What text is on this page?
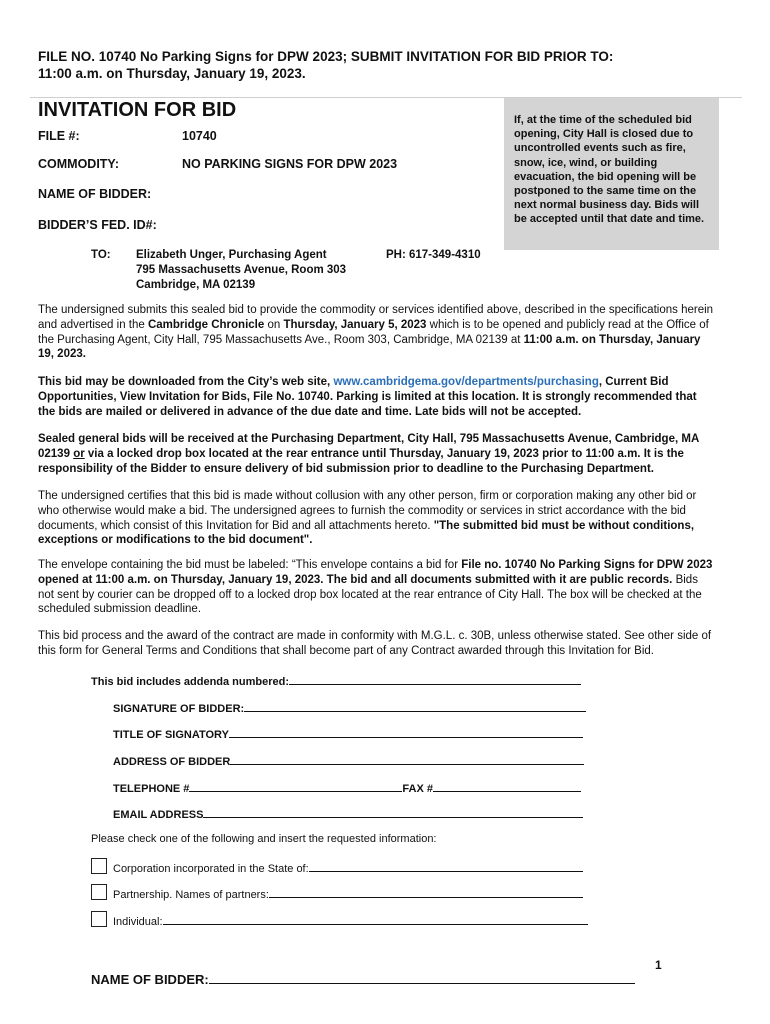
FILE NO. 10740 No Parking Signs for DPW 2023; SUBMIT INVITATION FOR BID PRIOR TO:
11:00 a.m. on Thursday, January 19, 2023.
INVITATION FOR BID
FILE #:	10740
COMMODITY:	NO PARKING SIGNS FOR DPW 2023
NAME OF BIDDER:
BIDDER’S FED. ID#:
If, at the time of the scheduled bid opening, City Hall is closed due to uncontrolled events such as fire, snow, ice, wind, or building evacuation, the bid opening will be postponed to the same time on the next normal business day. Bids will be accepted until that date and time.
TO: Elizabeth Unger, Purchasing Agent
795 Massachusetts Avenue, Room 303
Cambridge, MA 02139
PH: 617-349-4310
The undersigned submits this sealed bid to provide the commodity or services identified above, described in the specifications herein and advertised in the Cambridge Chronicle on Thursday, January 5, 2023 which is to be opened and publicly read at the Office of the Purchasing Agent, City Hall, 795 Massachusetts Ave., Room 303, Cambridge, MA 02139 at 11:00 a.m. on Thursday, January 19, 2023.
This bid may be downloaded from the City’s web site, www.cambridgema.gov/departments/purchasing, Current Bid Opportunities, View Invitation for Bids, File No. 10740. Parking is limited at this location. It is strongly recommended that the bids are mailed or delivered in advance of the due date and time. Late bids will not be accepted.
Sealed general bids will be received at the Purchasing Department, City Hall, 795 Massachusetts Avenue, Cambridge, MA 02139 or via a locked drop box located at the rear entrance until Thursday, January 19, 2023 prior to 11:00 a.m. It is the responsibility of the Bidder to ensure delivery of bid submission prior to deadline to the Purchasing Department.
The undersigned certifies that this bid is made without collusion with any other person, firm or corporation making any other bid or who otherwise would make a bid. The undersigned agrees to furnish the commodity or services in strict accordance with the bid documents, which consist of this Invitation for Bid and all attachments hereto. "The submitted bid must be without conditions, exceptions or modifications to the bid document".
The envelope containing the bid must be labeled: “This envelope contains a bid for File no. 10740 No Parking Signs for DPW 2023 opened at 11:00 a.m. on Thursday, January 19, 2023. The bid and all documents submitted with it are public records. Bids not sent by courier can be dropped off to a locked drop box located at the rear entrance of City Hall. The box will be checked at the scheduled submission deadline.
This bid process and the award of the contract are made in conformity with M.G.L. c. 30B, unless otherwise stated. See other side of this form for General Terms and Conditions that shall become part of any Contract awarded through this Invitation for Bid.
This bid includes addenda numbered:
SIGNATURE OF BIDDER:
TITLE OF SIGNATORY
ADDRESS OF BIDDER
TELEPHONE #	FAX #
EMAIL ADDRESS
Please check one of the following and insert the requested information:
Corporation incorporated in the State of:
Partnership. Names of partners:
Individual:
1
NAME OF BIDDER:
